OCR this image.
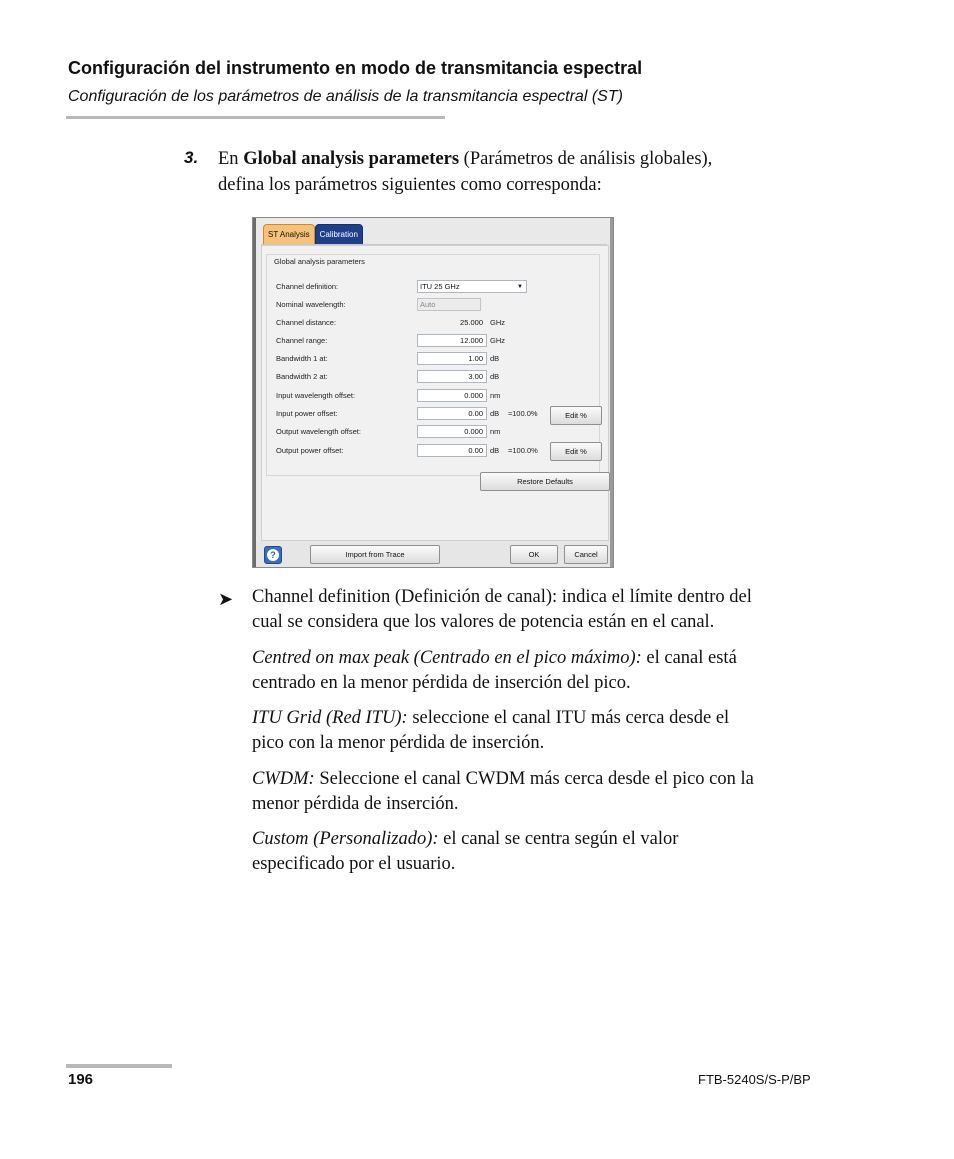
Configuración del instrumento en modo de transmitancia espectral
Configuración de los parámetros de análisis de la transmitancia espectral (ST)
3. En Global analysis parameters (Parámetros de análisis globales),
defina los parámetros siguientes como corresponda:
ST Analysis	Calibration
Global analysis parameters
Channel definition:	ITU 25 GHz	▼
Nominal wavelength:	Auto
Channel distance:	25.000 GHz
Channel range:	12.000 GHz
Bandwidth 1 at:	1.00 dB
Bandwidth 2 at:	3.00 dB
Input wavelength offset:	0.000 nm
Input power offset:	0.00 dB ≈100.0%	Edit %
Output wavelength offset:	0.000 nm
Output power offset:	0.00 dB =100.0%	Edit %
Restore Defaults
?	Import from Trace	OK	Cancel
➤ Channel definition (Definición de canal): indica el límite dentro del
cual se considera que los valores de potencia están en el canal.
Centred on max peak (Centrado en el pico máximo): el canal está
centrado en la menor pérdida de inserción del pico.
ITU Grid (Red ITU): seleccione el canal ITU más cerca desde el
pico con la menor pérdida de inserción.
CWDM: Seleccione el canal CWDM más cerca desde el pico con la
menor pérdida de inserción.
Custom (Personalizado): el canal se centra según el valor
especificado por el usuario.
196	FTB-5240S/S-P/BP
